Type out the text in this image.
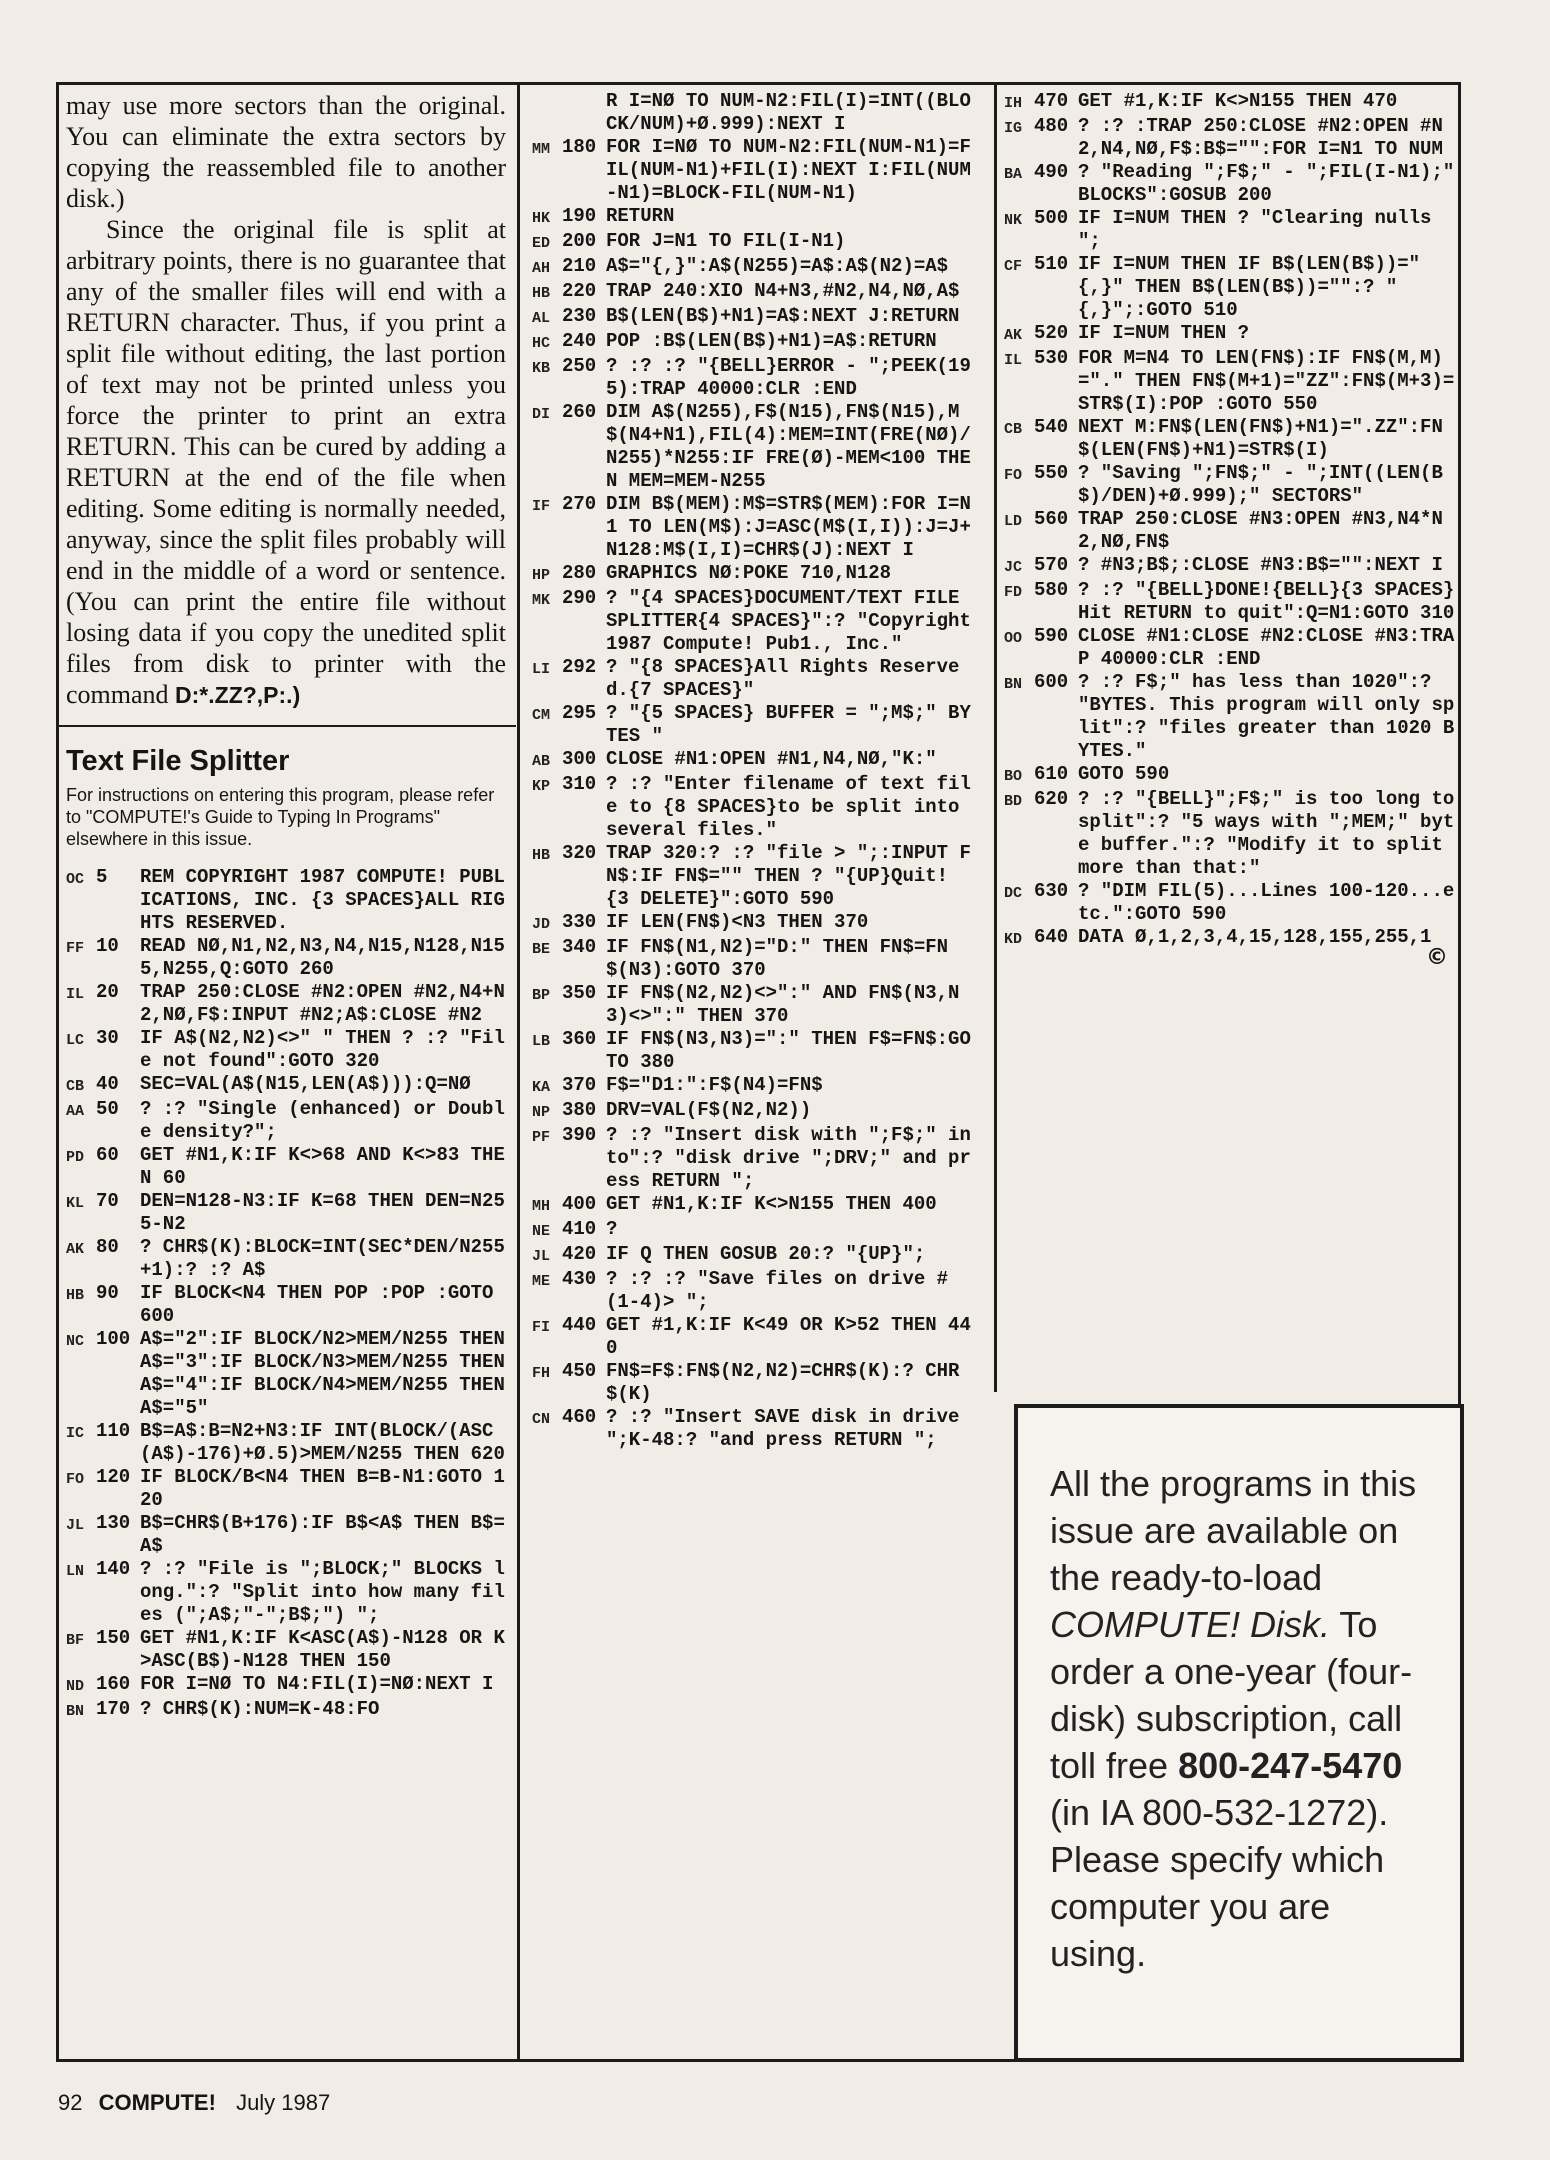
may use more sectors than the original. You can eliminate the extra sectors by copying the reassembled file to another disk.)

Since the original file is split at arbitrary points, there is no guarantee that any of the smaller files will end with a RETURN character. Thus, if you print a split file without editing, the last portion of text may not be printed unless you force the printer to print an extra RETURN. This can be cured by adding a RETURN at the end of the file when editing. Some editing is normally needed, anyway, since the split files probably will end in the middle of a word or sentence. (You can print the entire file without losing data if you copy the unedited split files from disk to printer with the command D:*.ZZ?,P:.)

Text File Splitter
For instructions on entering this program, please refer to "COMPUTE!'s Guide to Typing In Programs" elsewhere in this issue.
OC 5	REM COPYRIGHT 1987 COMPUTE! PUBLICATIONS, INC. {3 SPACES}ALL RIGHTS RESERVED.
FF 10	READ NØ,N1,N2,N3,N4,N15,N128,N155,N255,Q:GOTO 260
IL 20	TRAP 250:CLOSE #N2:OPEN #N2,N4+N2,NØ,F$:INPUT #N2;A$:CLOSE #N2
LC 30	IF A$(N2,N2)<>" " THEN ? :? "File not found":GOTO 320
CB 40	SEC=VAL(A$(N15,LEN(A$))):Q=NØ
AA 50	? :? "Single (enhanced) or Double density?";
PD 60	GET #N1,K:IF K<>68 AND K<>83 THEN 60
KL 70	DEN=N128-N3:IF K=68 THEN DEN=N255-N2
AK 80	? CHR$(K):BLOCK=INT(SEC*DEN/N255+1):? :? A$
HB 90	IF BLOCK<N4 THEN POP :POP :GOTO 600
NC 100 A$="2":IF BLOCK/N2>MEM/N255 THEN A$="3":IF BLOCK/N3>MEM/N255 THEN A$="4":IF BLOCK/N4>MEM/N255 THEN A$="5"
IC 110 B$=A$:B=N2+N3:IF INT(BLOCK/(ASC(A$)-176)+Ø.5)>MEM/N255 THEN 620
FO 120 IF BLOCK/B<N4 THEN B=B-N1:GOTO 120
JL 130 B$=CHR$(B+176):IF B$<A$ THEN B$=A$
LN 140 ? :? "File is ";BLOCK;" BLOCKS long.":? "Split into how many files (";A$;"-";B$;") ";
BF 150 GET #N1,K:IF K<ASC(A$)-N128 OR K>ASC(B$)-N128 THEN 150
ND 160 FOR I=NØ TO N4:FIL(I)=NØ:NEXT I
BN 170 ? CHR$(K):NUM=K-48:FO
R I=NØ TO NUM-N2:FIL(I)=INT((BLOCK/NUM)+Ø.999):NEXT I
MM 180 FOR I=NØ TO NUM-N2:FIL(NUM-N1)=FIL(NUM-N1)+FIL(I):NEXT I:FIL(NUM-N1)=BLOCK-FIL(NUM-N1)
HK 190 RETURN
ED 200 FOR J=N1 TO FIL(I-N1)
AH 210 A$="{,}":A$(N255)=A$:A$(N2)=A$
HB 220 TRAP 240:XIO N4+N3,#N2,N4,NØ,A$
AL 230 B$(LEN(B$)+N1)=A$:NEXT J:RETURN
HC 240 POP :B$(LEN(B$)+N1)=A$:RETURN
KB 250 ? :? :? "{BELL}ERROR - ";PEEK(195):TRAP 40000:CLR :END
DI 260 DIM A$(N255),F$(N15),FN$(N15),M$(N4+N1),FIL(4):MEM=INT(FRE(NØ)/N255)*N255:IF FRE(Ø)-MEM<100 THEN MEM=MEM-N255
IF 270 DIM B$(MEM):M$=STR$(MEM):FOR I=N1 TO LEN(M$):J=ASC(M$(I,I)):J=J+N128:M$(I,I)=CHR$(J):NEXT I
HP 280 GRAPHICS NØ:POKE 710,N128
MK 290 ? "{4 SPACES}DOCUMENT/TEXT FILE SPLITTER{4 SPACES}":? "Copyright 1987 Compute! Pub1., Inc."
LI 292 ? "{8 SPACES}All Rights Reserved.{7 SPACES}"
CM 295 ? "{5 SPACES} BUFFER = ";M$;" BYTES "
AB 300 CLOSE #N1:OPEN #N1,N4,NØ,"K:"
KP 310 ? :? "Enter filename of text file to {8 SPACES}to be split into several files."
HB 320 TRAP 320:? :? "file > ";:INPUT FN$:IF FN$="" THEN ? "{UP}Quit! {3 DELETE}":GOTO 590
JD 330 IF LEN(FN$)<N3 THEN 370
BE 340 IF FN$(N1,N2)="D:" THEN FN$=FN$(N3):GOTO 370
BP 350 IF FN$(N2,N2)<>":" AND FN$(N3,N3)<>":" THEN 370
LB 360 IF FN$(N3,N3)=":" THEN F$=FN$:GOTO 380
KA 370 F$="D1:":F$(N4)=FN$
NP 380 DRV=VAL(F$(N2,N2))
PF 390 ? :? "Insert disk with ";F$;" into":? "disk drive ";DRV;" and press RETURN ";
MH 400 GET #N1,K:IF K<>N155 THEN 400
NE 410 ?
JL 420 IF Q THEN GOSUB 20:? "{UP}";
ME 430 ? :? :? "Save files on drive # (1-4)> ";
FI 440 GET #1,K:IF K<49 OR K>52 THEN 440
FH 450 FN$=F$:FN$(N2,N2)=CHR$(K):? CHR$(K)
CN 460 ? :? "Insert SAVE disk in drive ";K-48:? "and press RETURN ";
IH 470 GET #1,K:IF K<>N155 THEN 470
IG 480 ? :? :TRAP 250:CLOSE #N2:OPEN #N2,N4,NØ,F$:B$="":FOR I=N1 TO NUM
BA 490 ? "Reading ";F$;" - ";FIL(I-N1);" BLOCKS":GOSUB 200
NK 500 IF I=NUM THEN ? "Clearing nulls ";
CF 510 IF I=NUM THEN IF B$(LEN(B$))="{,}" THEN B$(LEN(B$))="":? "{,}";:GOTO 510
AK 520 IF I=NUM THEN ?
IL 530 FOR M=N4 TO LEN(FN$):IF FN$(M,M)="." THEN FN$(M+1)="ZZ":FN$(M+3)=STR$(I):POP :GOTO 550
CB 540 NEXT M:FN$(LEN(FN$)+N1)=".ZZ":FN$(LEN(FN$)+N1)=STR$(I)
FO 550 ? "Saving ";FN$;" - ";INT((LEN(B$)/DEN)+Ø.999);" SECTORS"
LD 560 TRAP 250:CLOSE #N3:OPEN #N3,N4*N2,NØ,FN$
JC 570 ? #N3;B$;:CLOSE #N3:B$="":NEXT I
FD 580 ? :? "{BELL}DONE!{BELL}{3 SPACES}Hit RETURN to quit":Q=N1:GOTO 310
OO 590 CLOSE #N1:CLOSE #N2:CLOSE #N3:TRAP 40000:CLR :END
BN 600 ? :? F$;" has less than 1020":? "BYTES. This program will only split":? "files greater than 1020 BYTES."
BO 610 GOTO 590
BD 620 ? :? "{BELL}";F$;" is too long to split":? "5 ways with ";MEM;" byte buffer.":? "Modify it to split more than that:"
DC 630 ? "DIM FIL(5)...Lines 100-120...etc.":GOTO 590
KD 640 DATA Ø,1,2,3,4,15,128,155,255,1
©
All the programs in this issue are available on the ready-to-load COMPUTE! Disk. To order a one-year (four-disk) subscription, call toll free 800-247-5470 (in IA 800-532-1272). Please specify which computer you are using.
92 COMPUTE! July 1987
